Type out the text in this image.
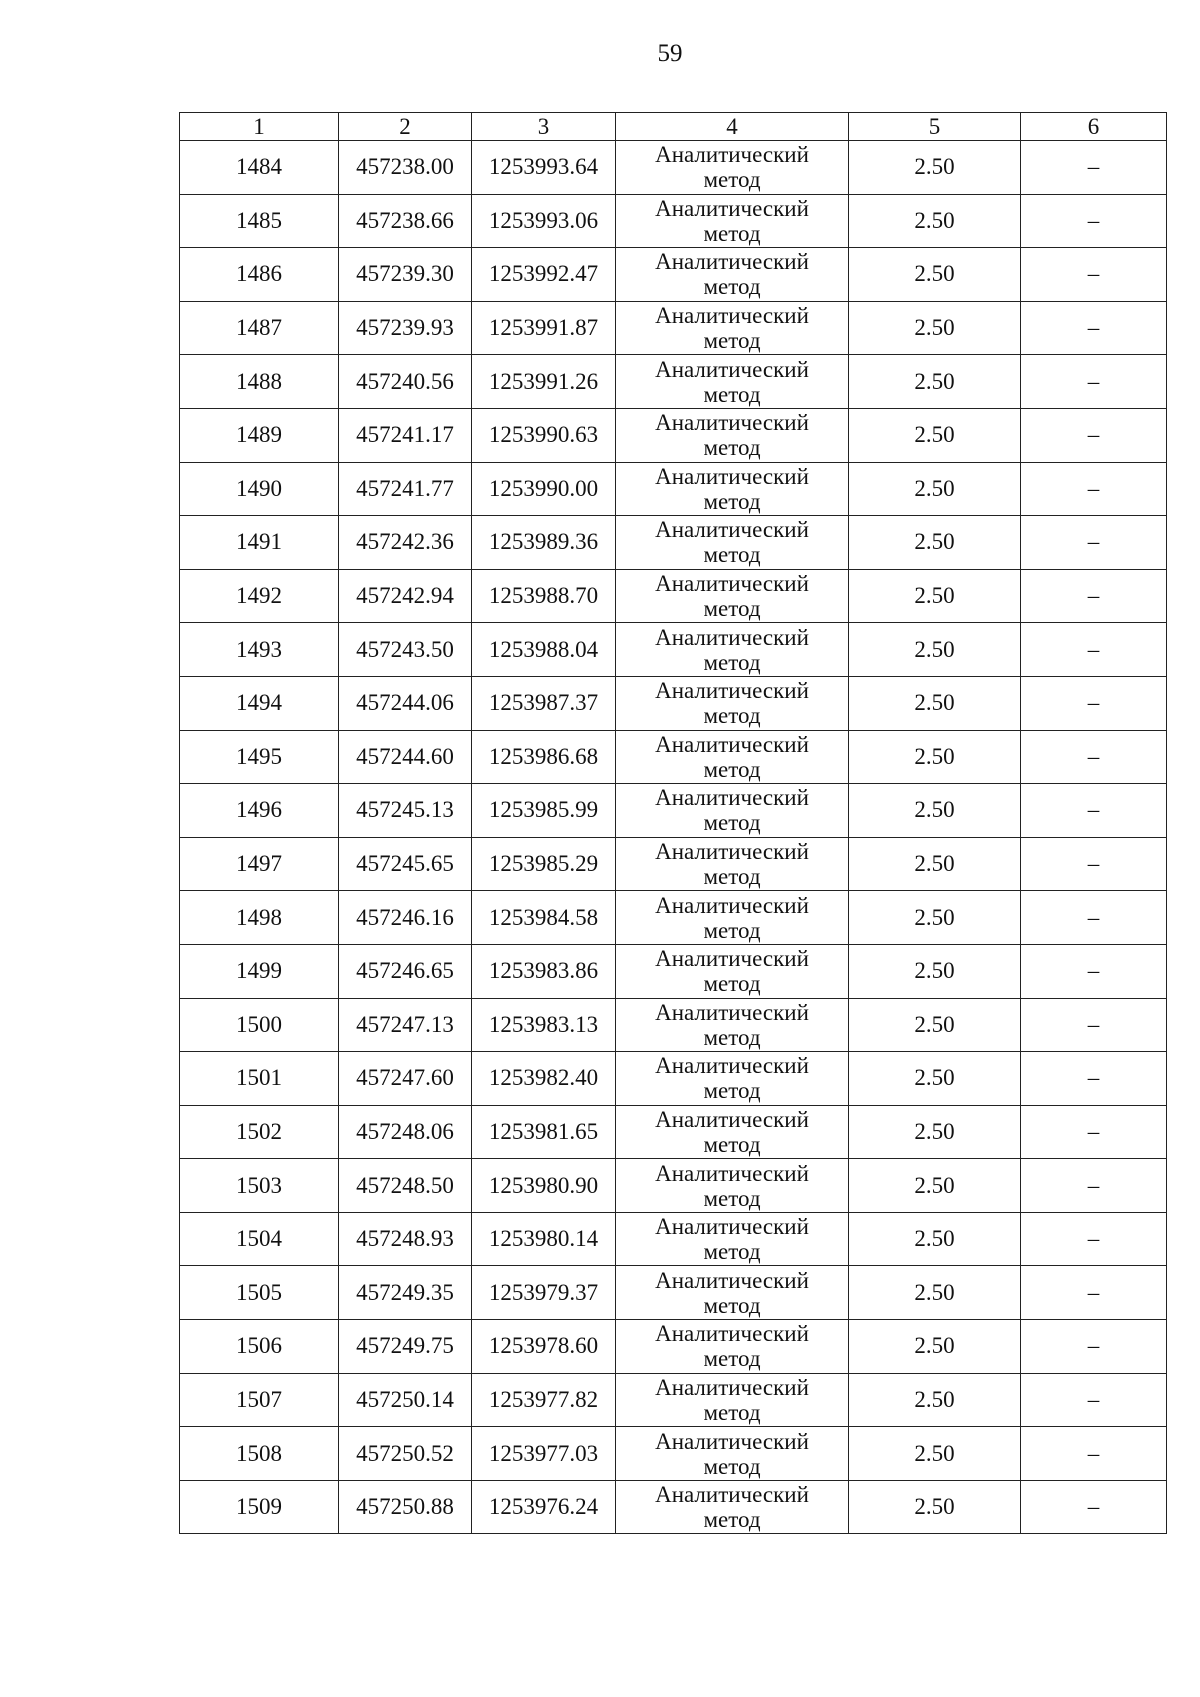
59
1	2	3	4	5	6
1484	457238.00	1253993.64	Аналитический
метод	2.50	–
1485	457238.66	1253993.06	Аналитический
метод	2.50	–
1486	457239.30	1253992.47	Аналитический
метод	2.50	–
1487	457239.93	1253991.87	Аналитический
метод	2.50	–
1488	457240.56	1253991.26	Аналитический
метод	2.50	–
1489	457241.17	1253990.63	Аналитический
метод	2.50	–
1490	457241.77	1253990.00	Аналитический
метод	2.50	–
1491	457242.36	1253989.36	Аналитический
метод	2.50	–
1492	457242.94	1253988.70	Аналитический
метод	2.50	–
1493	457243.50	1253988.04	Аналитический
метод	2.50	–
1494	457244.06	1253987.37	Аналитический
метод	2.50	–
1495	457244.60	1253986.68	Аналитический
метод	2.50	–
1496	457245.13	1253985.99	Аналитический
метод	2.50	–
1497	457245.65	1253985.29	Аналитический
метод	2.50	–
1498	457246.16	1253984.58	Аналитический
метод	2.50	–
1499	457246.65	1253983.86	Аналитический
метод	2.50	–
1500	457247.13	1253983.13	Аналитический
метод	2.50	–
1501	457247.60	1253982.40	Аналитический
метод	2.50	–
1502	457248.06	1253981.65	Аналитический
метод	2.50	–
1503	457248.50	1253980.90	Аналитический
метод	2.50	–
1504	457248.93	1253980.14	Аналитический
метод	2.50	–
1505	457249.35	1253979.37	Аналитический
метод	2.50	–
1506	457249.75	1253978.60	Аналитический
метод	2.50	–
1507	457250.14	1253977.82	Аналитический
метод	2.50	–
1508	457250.52	1253977.03	Аналитический
метод	2.50	–
1509	457250.88	1253976.24	Аналитический
метод	2.50	–
